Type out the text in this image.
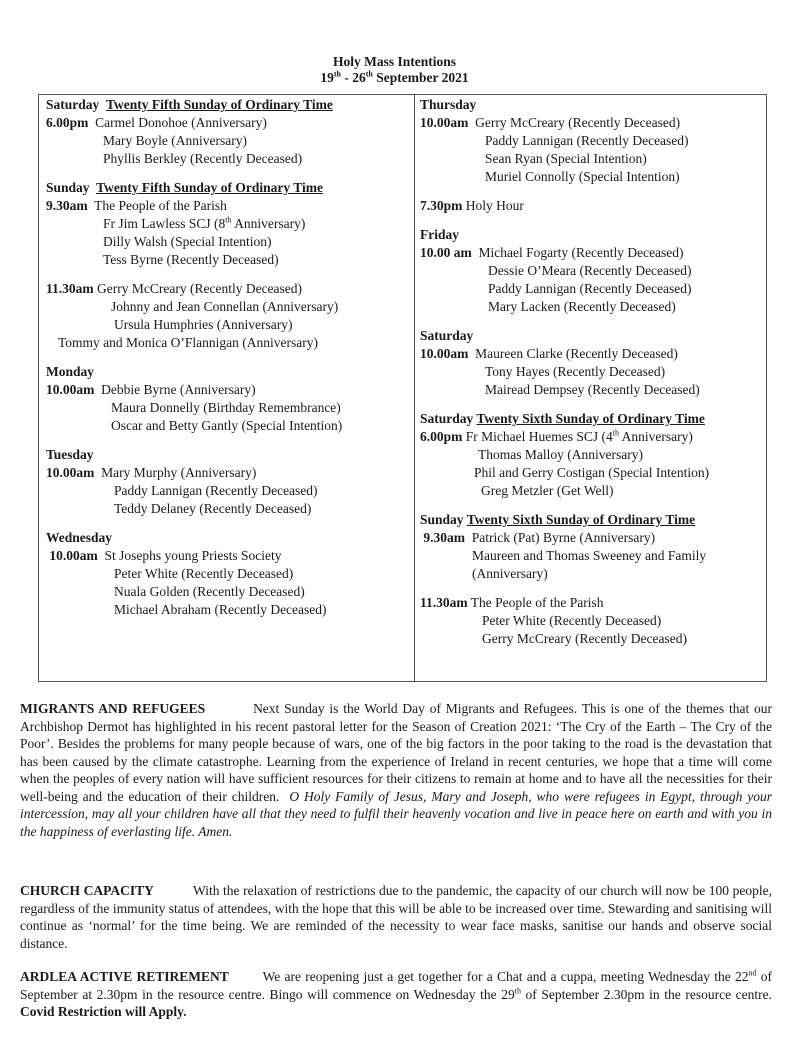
Holy Mass Intentions
19th - 26th September 2021
Saturday Twenty Fifth Sunday of Ordinary Time
6.00pm Carmel Donohoe (Anniversary)
Mary Boyle (Anniversary)
Phyllis Berkley (Recently Deceased)
Sunday Twenty Fifth Sunday of Ordinary Time
9.30am The People of the Parish
Fr Jim Lawless SCJ (8th Anniversary)
Dilly Walsh (Special Intention)
Tess Byrne (Recently Deceased)
11.30am Gerry McCreary (Recently Deceased)
Johnny and Jean Connellan (Anniversary)
Ursula Humphries (Anniversary)
Tommy and Monica O’Flannigan (Anniversary)
Monday
10.00am Debbie Byrne (Anniversary)
Maura Donnelly (Birthday Remembrance)
Oscar and Betty Gantly (Special Intention)
Tuesday
10.00am Mary Murphy (Anniversary)
Paddy Lannigan (Recently Deceased)
Teddy Delaney (Recently Deceased)
Wednesday
10.00am St Josephs young Priests Society
Peter White (Recently Deceased)
Nuala Golden (Recently Deceased)
Michael Abraham (Recently Deceased)
Thursday
10.00am Gerry McCreary (Recently Deceased)
Paddy Lannigan (Recently Deceased)
Sean Ryan (Special Intention)
Muriel Connolly (Special Intention)
7.30pm Holy Hour
Friday
10.00 am Michael Fogarty (Recently Deceased)
Dessie O’Meara (Recently Deceased)
Paddy Lannigan (Recently Deceased)
Mary Lacken (Recently Deceased)
Saturday
10.00am Maureen Clarke (Recently Deceased)
Tony Hayes (Recently Deceased)
Mairead Dempsey (Recently Deceased)
Saturday Twenty Sixth Sunday of Ordinary Time
6.00pm Fr Michael Huemes SCJ (4th Anniversary)
Thomas Malloy (Anniversary)
Phil and Gerry Costigan (Special Intention)
Greg Metzler (Get Well)
Sunday Twenty Sixth Sunday of Ordinary Time
9.30am Patrick (Pat) Byrne (Anniversary)
Maureen and Thomas Sweeney and Family
(Anniversary)
11.30am The People of the Parish
Peter White (Recently Deceased)
Gerry McCreary (Recently Deceased)
MIGRANTS AND REFUGEES	Next Sunday is the World Day of Migrants and Refugees. This is one of the themes that our Archbishop Dermot has highlighted in his recent pastoral letter for the Season of Creation 2021: ‘The Cry of the Earth – The Cry of the Poor’. Besides the problems for many people because of wars, one of the big factors in the poor taking to the road is the devastation that has been caused by the climate catastrophe. Learning from the experience of Ireland in recent centuries, we hope that a time will come when the peoples of every nation will have sufficient resources for their citizens to remain at home and to have all the necessities for their well-being and the education of their children. O Holy Family of Jesus, Mary and Joseph, who were refugees in Egypt, through your intercession, may all your children have all that they need to fulfil their heavenly vocation and live in peace here on earth and with you in the happiness of everlasting life. Amen.
CHURCH CAPACITY	With the relaxation of restrictions due to the pandemic, the capacity of our church will now be 100 people, regardless of the immunity status of attendees, with the hope that this will be able to be increased over time. Stewarding and sanitising will continue as ‘normal’ for the time being. We are reminded of the necessity to wear face masks, sanitise our hands and observe social distance.
ARDLEA ACTIVE RETIREMENT	We are reopening just a get together for a Chat and a cuppa, meeting Wednesday the 22nd of September at 2.30pm in the resource centre. Bingo will commence on Wednesday the 29th of September 2.30pm in the resource centre. Covid Restriction will Apply.
